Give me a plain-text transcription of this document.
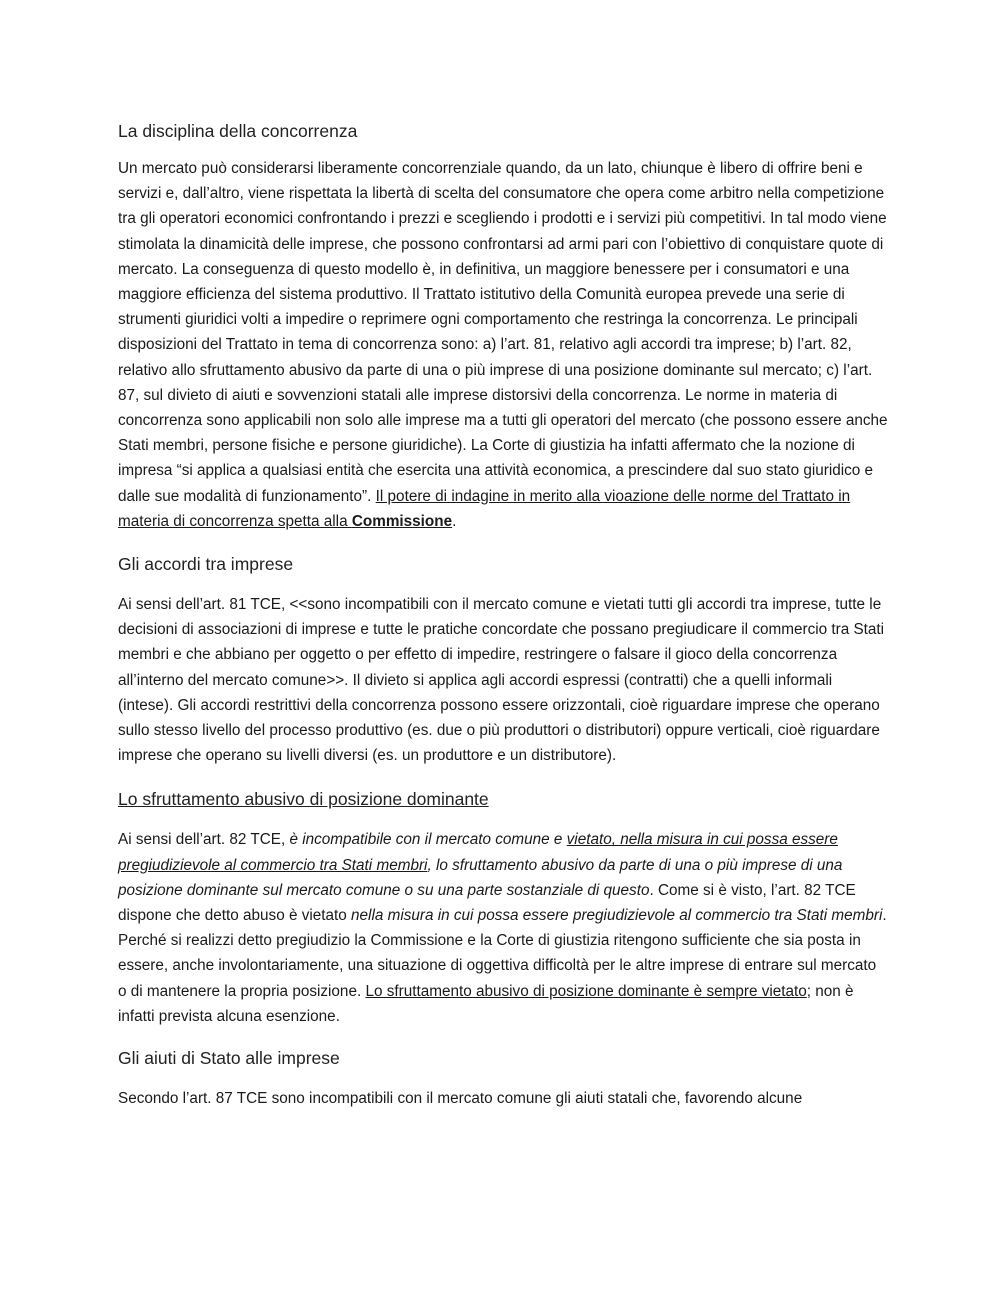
La disciplina della concorrenza

Un mercato può considerarsi liberamente concorrenziale quando, da un lato, chiunque è libero di offrire beni e servizi e, dall’altro, viene rispettata la libertà di scelta del consumatore che opera come arbitro nella competizione tra gli operatori economici confrontando i prezzi e scegliendo i prodotti e i servizi più competitivi. In tal modo viene stimolata la dinamicità delle imprese, che possono confrontarsi ad armi pari con l’obiettivo di conquistare quote di mercato. La conseguenza di questo modello è, in definitiva, un maggiore benessere per i consumatori e una maggiore efficienza del sistema produttivo. Il Trattato istitutivo della Comunità europea prevede una serie di strumenti giuridici volti a impedire o reprimere ogni comportamento che restringa la concorrenza. Le principali disposizioni del Trattato in tema di concorrenza sono: a) l’art. 81, relativo agli accordi tra imprese; b) l’art. 82, relativo allo sfruttamento abusivo da parte di una o più imprese di una posizione dominante sul mercato; c) l’art. 87, sul divieto di aiuti e sovvenzioni statali alle imprese distorsivi della concorrenza. Le norme in materia di concorrenza sono applicabili non solo alle imprese ma a tutti gli operatori del mercato (che possono essere anche Stati membri, persone fisiche e persone giuridiche). La Corte di giustizia ha infatti affermato che la nozione di impresa “si applica a qualsiasi entità che esercita una attività economica, a prescindere dal suo stato giuridico e dalle sue modalità di funzionamento”. Il potere di indagine in merito alla vioazione delle norme del Trattato in materia di concorrenza spetta alla Commissione.

Gli accordi tra imprese

Ai sensi dell’art. 81 TCE, <<sono incompatibili con il mercato comune e vietati tutti gli accordi tra imprese, tutte le decisioni di associazioni di imprese e tutte le pratiche concordate che possano pregiudicare il commercio tra Stati membri e che abbiano per oggetto o per effetto di impedire, restringere o falsare il gioco della concorrenza all’interno del mercato comune>>. Il divieto si applica agli accordi espressi (contratti) che a quelli informali (intese). Gli accordi restrittivi della concorrenza possono essere orizzontali, cioè riguardare imprese che operano sullo stesso livello del processo produttivo (es. due o più produttori o distributori) oppure verticali, cioè riguardare imprese che operano su livelli diversi (es. un produttore e un distributore).

Lo sfruttamento abusivo di posizione dominante

Ai sensi dell’art. 82 TCE, è incompatibile con il mercato comune e vietato, nella misura in cui possa essere pregiudizievole al commercio tra Stati membri, lo sfruttamento abusivo da parte di una o più imprese di una posizione dominante sul mercato comune o su una parte sostanziale di questo. Come si è visto, l’art. 82 TCE dispone che detto abuso è vietato nella misura in cui possa essere pregiudizievole al commercio tra Stati membri. Perché si realizzi detto pregiudizio la Commissione e la Corte di giustizia ritengono sufficiente che sia posta in essere, anche involontariamente, una situazione di oggettiva difficoltà per le altre imprese di entrare sul mercato o di mantenere la propria posizione. Lo sfruttamento abusivo di posizione dominante è sempre vietato; non è infatti prevista alcuna esenzione.

Gli aiuti di Stato alle imprese

Secondo l’art. 87 TCE sono incompatibili con il mercato comune gli aiuti statali che, favorendo alcune
